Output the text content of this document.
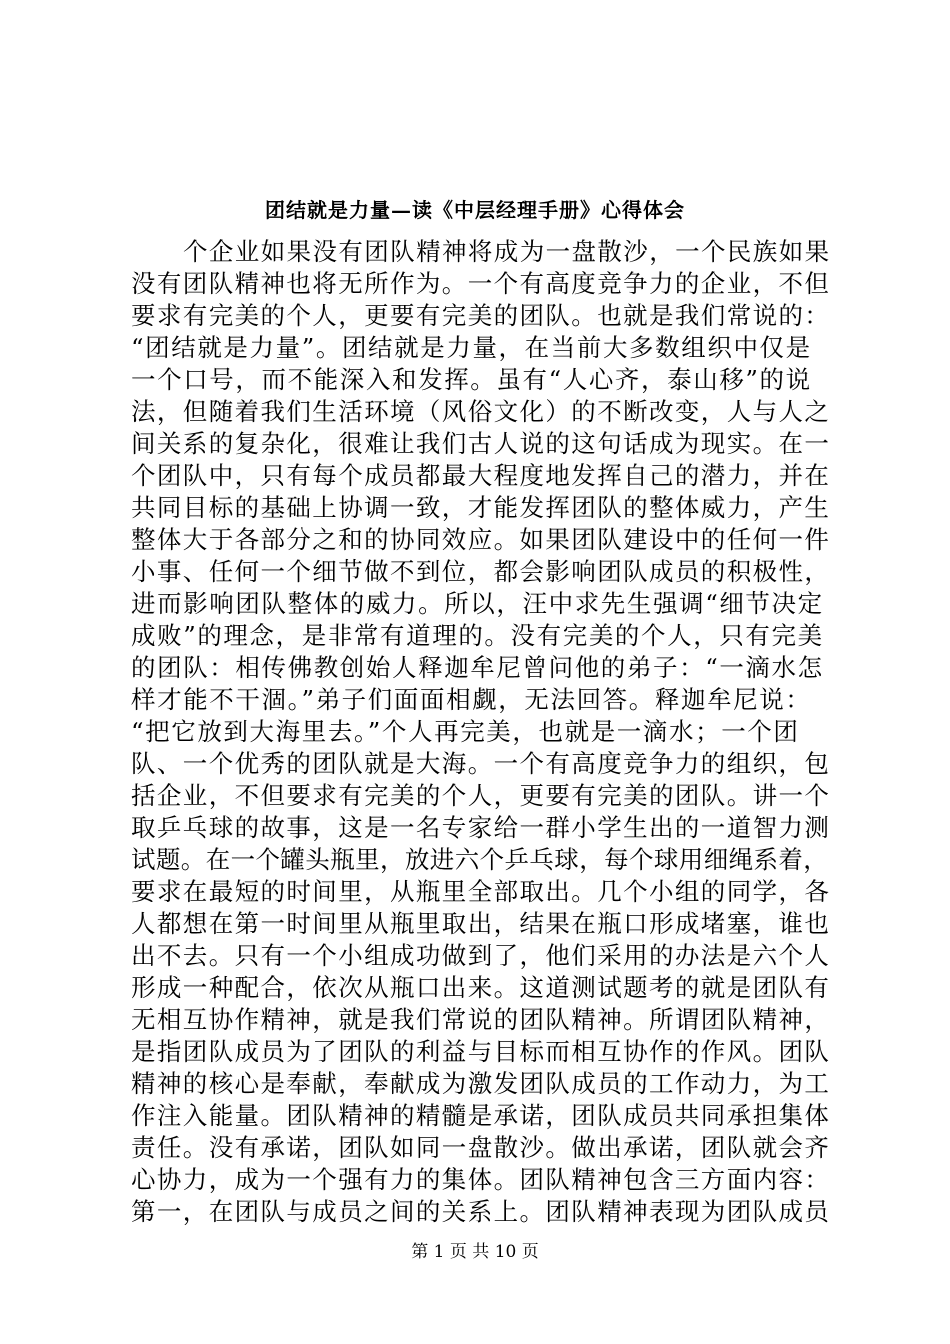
团结就是力量—读《中层经理手册》心得体会
个企业如果没有团队精神将成为一盘散沙，一个民族如果
没有团队精神也将无所作为。一个有高度竞争力的企业，不但
要求有完美的个人，更要有完美的团队。也就是我们常说的：
“团结就是力量”。团结就是力量，在当前大多数组织中仅是
一个口号，而不能深入和发挥。虽有“人心齐，泰山移”的说
法，但随着我们生活环境（风俗文化）的不断改变，人与人之
间关系的复杂化，很难让我们古人说的这句话成为现实。在一
个团队中，只有每个成员都最大程度地发挥自己的潜力，并在
共同目标的基础上协调一致，才能发挥团队的整体威力，产生
整体大于各部分之和的协同效应。如果团队建设中的任何一件
小事、任何一个细节做不到位，都会影响团队成员的积极性，
进而影响团队整体的威力。所以，汪中求先生强调“细节决定
成败”的理念，是非常有道理的。没有完美的个人，只有完美
的团队：相传佛教创始人释迦牟尼曾问他的弟子：“一滴水怎
样才能不干涸。”弟子们面面相觑，无法回答。释迦牟尼说：
“把它放到大海里去。”个人再完美，也就是一滴水；一个团
队、一个优秀的团队就是大海。一个有高度竞争力的组织，包
括企业，不但要求有完美的个人，更要有完美的团队。讲一个
取乒乓球的故事，这是一名专家给一群小学生出的一道智力测
试题。在一个罐头瓶里，放进六个乒乓球，每个球用细绳系着，
要求在最短的时间里，从瓶里全部取出。几个小组的同学，各
人都想在第一时间里从瓶里取出，结果在瓶口形成堵塞，谁也
出不去。只有一个小组成功做到了，他们采用的办法是六个人
形成一种配合，依次从瓶口出来。这道测试题考的就是团队有
无相互协作精神，就是我们常说的团队精神。所谓团队精神，
是指团队成员为了团队的利益与目标而相互协作的作风。团队
精神的核心是奉献，奉献成为激发团队成员的工作动力，为工
作注入能量。团队精神的精髓是承诺，团队成员共同承担集体
责任。没有承诺，团队如同一盘散沙。做出承诺，团队就会齐
心协力，成为一个强有力的集体。团队精神包含三方面内容：
第一，在团队与成员之间的关系上。团队精神表现为团队成员
第 1 页 共 10 页
